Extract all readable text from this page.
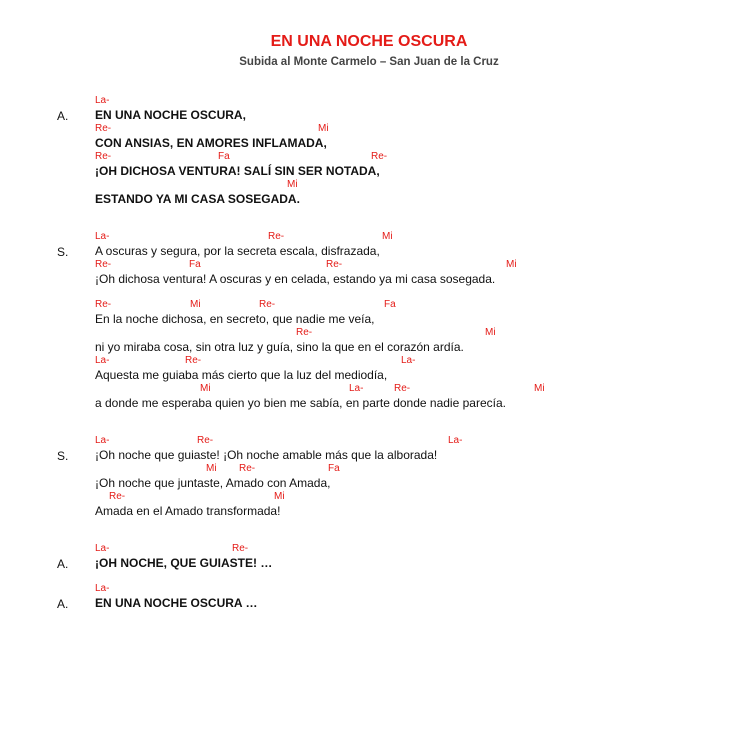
EN UNA NOCHE OSCURA
Subida al Monte Carmelo – San Juan de la Cruz
A.
La-
EN UNA NOCHE OSCURA,
Re-	Mi
CON ANSIAS, EN AMORES INFLAMADA,
Re-	Fa	Re-
¡OH DICHOSA VENTURA! SALÍ SIN SER NOTADA,
Mi
ESTANDO YA MI CASA SOSEGADA.
S.
La-	Re-	Mi
A oscuras y segura, por la secreta escala, disfrazada,
Re-	Fa	Re-	Mi
¡Oh dichosa ventura! A oscuras y en celada, estando ya mi casa sosegada.
Re-	Mi	Re-	Fa
En la noche dichosa, en secreto, que nadie me veía,
Re-	Mi
ni yo miraba cosa, sin otra luz y guía, sino la que en el corazón ardía.
La-	Re-	La-
Aquesta me guiaba más cierto que la luz del mediodía,
Mi	La-	Re-	Mi
a donde me esperaba quien yo bien me sabía, en parte donde nadie parecía.
S.
La-	Re-	La-
¡Oh noche que guiaste! ¡Oh noche amable más que la alborada!
Mi Re-	Fa
¡Oh noche que juntaste, Amado con Amada,
Re-	Mi
Amada en el Amado transformada!
A.
La-	Re-
¡OH NOCHE, QUE GUIASTE! …
A.
La-
EN UNA NOCHE OSCURA …
